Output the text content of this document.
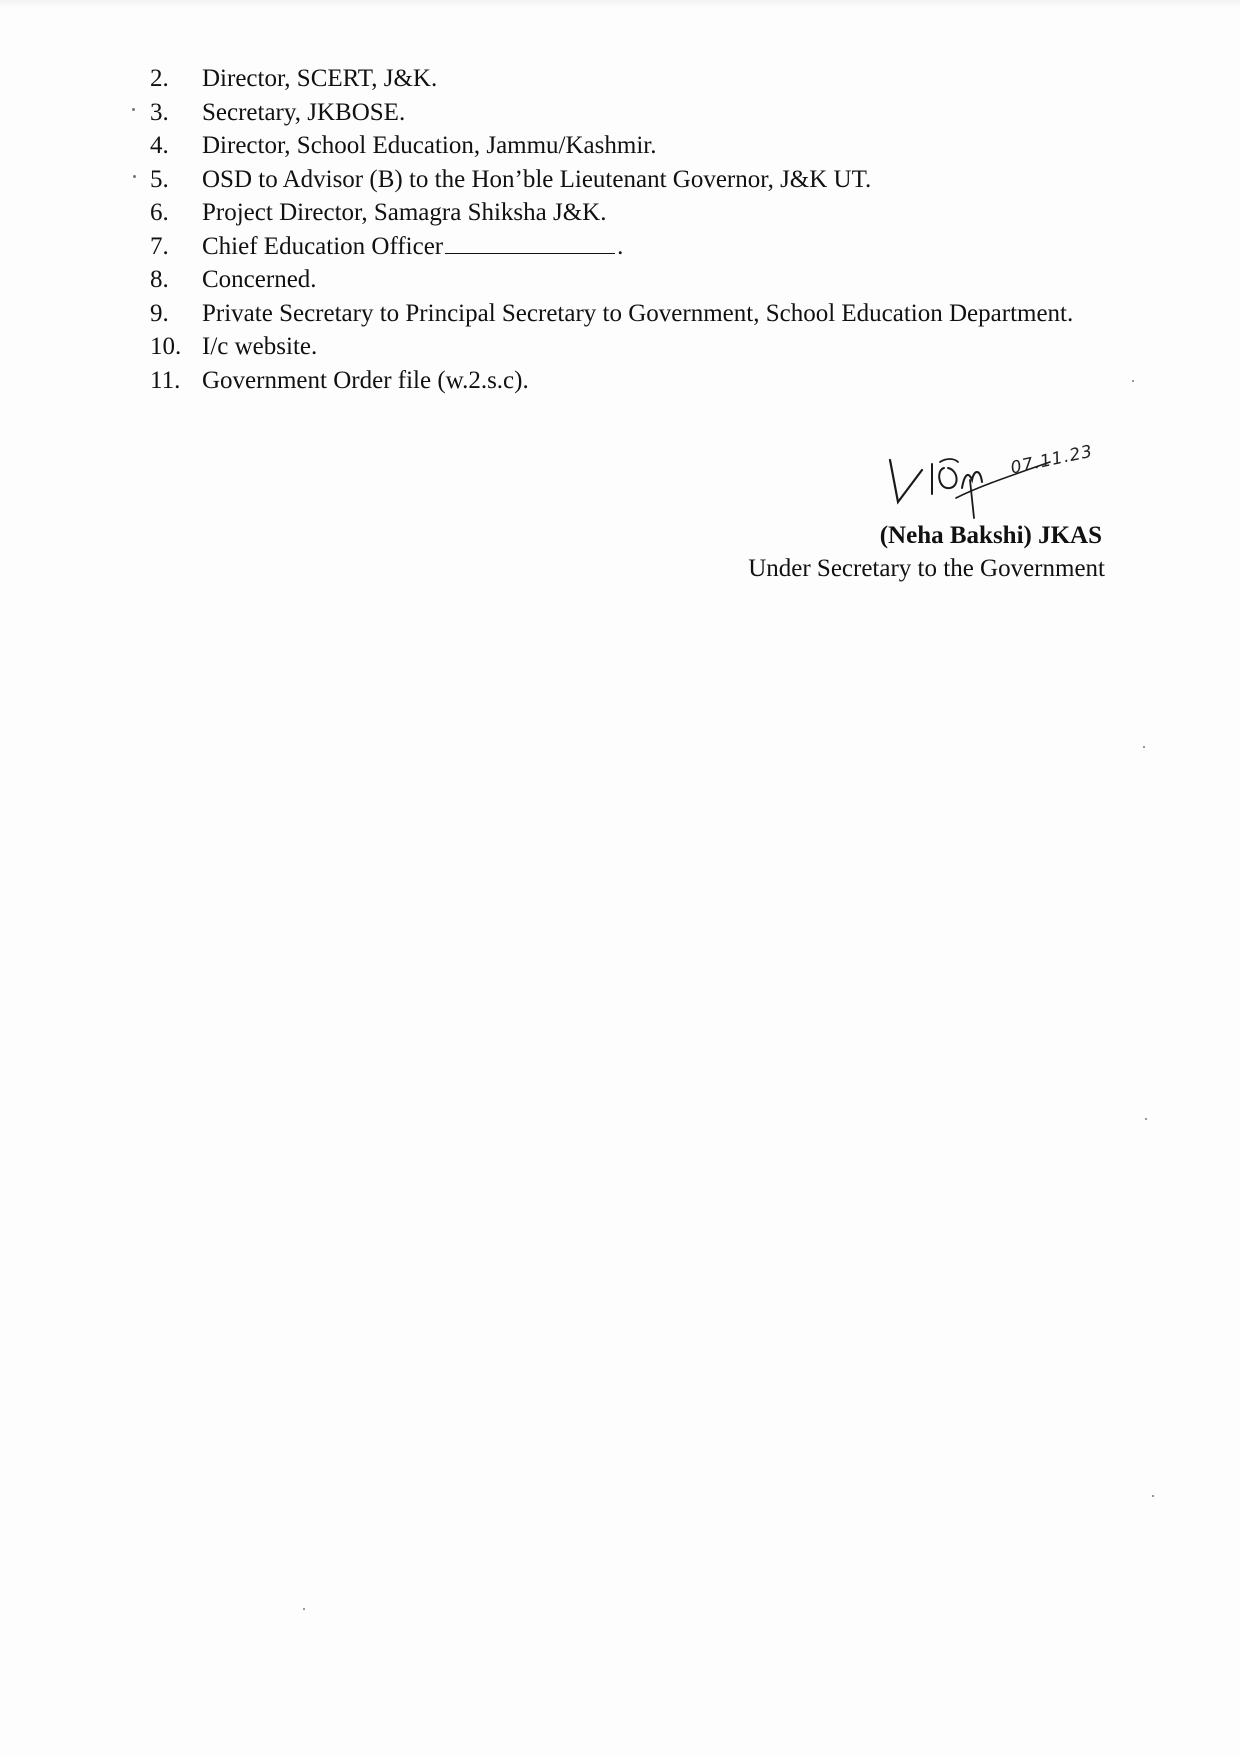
2.	Director, SCERT, J&K.
3.	Secretary, JKBOSE.
4.	Director, School Education, Jammu/Kashmir.
5.	OSD to Advisor (B) to the Hon’ble Lieutenant Governor, J&K UT.
6.	Project Director, Samagra Shiksha J&K.
7.	Chief Education Officer	.
8.	Concerned.
9.	Private Secretary to Principal Secretary to Government, School Education Department.
10. I/c website.
11. Government Order file (w.2.s.c).
07.11.23
(Neha Bakshi) JKAS
Under Secretary to the Government
